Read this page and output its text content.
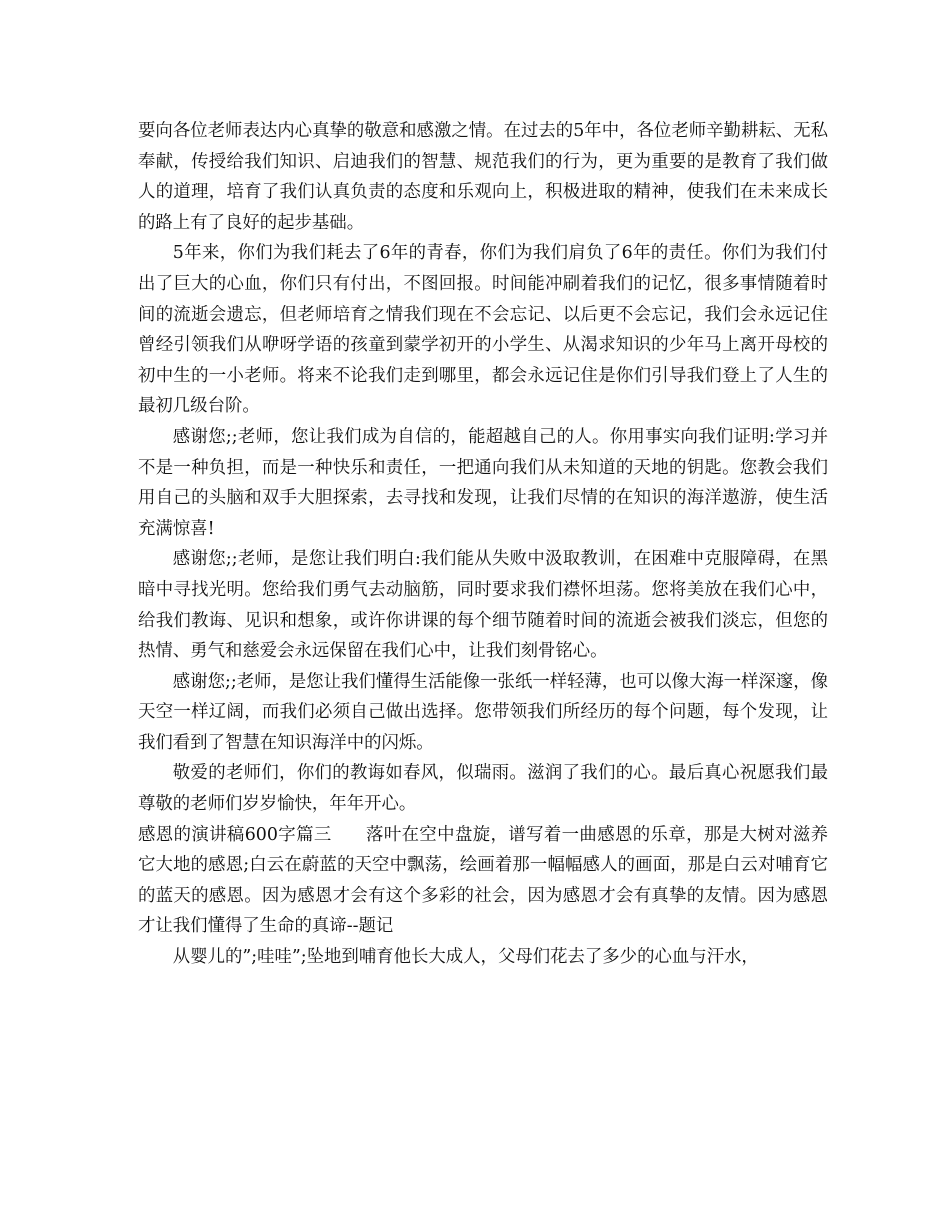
要向各位老师表达内心真挚的敬意和感激之情。在过去的5年中，各位老师辛勤耕耘、无私奉献，传授给我们知识、启迪我们的智慧、规范我们的行为，更为重要的是教育了我们做人的道理，培育了我们认真负责的态度和乐观向上，积极进取的精神，使我们在未来成长的路上有了良好的起步基础。

5年来，你们为我们耗去了6年的青春，你们为我们肩负了6年的责任。你们为我们付出了巨大的心血，你们只有付出，不图回报。时间能冲刷着我们的记忆，很多事情随着时间的流逝会遗忘，但老师培育之情我们现在不会忘记、以后更不会忘记，我们会永远记住曾经引领我们从咿呀学语的孩童到蒙学初开的小学生、从渴求知识的少年马上离开母校的初中生的一小老师。将来不论我们走到哪里，都会永远记住是你们引导我们登上了人生的最初几级台阶。

感谢您;;老师，您让我们成为自信的，能超越自己的人。你用事实向我们证明:学习并不是一种负担，而是一种快乐和责任，一把通向我们从未知道的天地的钥匙。您教会我们用自己的头脑和双手大胆探索，去寻找和发现，让我们尽情的在知识的海洋遨游，使生活充满惊喜!

感谢您;;老师，是您让我们明白:我们能从失败中汲取教训，在困难中克服障碍，在黑暗中寻找光明。您给我们勇气去动脑筋，同时要求我们襟怀坦荡。您将美放在我们心中，给我们教诲、见识和想象，或许你讲课的每个细节随着时间的流逝会被我们淡忘，但您的热情、勇气和慈爱会永远保留在我们心中，让我们刻骨铭心。

感谢您;;老师，是您让我们懂得生活能像一张纸一样轻薄，也可以像大海一样深邃，像天空一样辽阔，而我们必须自己做出选择。您带领我们所经历的每个问题，每个发现，让我们看到了智慧在知识海洋中的闪烁。

敬爱的老师们，你们的教诲如春风，似瑞雨。滋润了我们的心。最后真心祝愿我们最尊敬的老师们岁岁愉快，年年开心。

感恩的演讲稿600字篇三 落叶在空中盘旋，谱写着一曲感恩的乐章，那是大树对滋养它大地的感恩;白云在蔚蓝的天空中飘荡，绘画着那一幅幅感人的画面，那是白云对哺育它的蓝天的感恩。因为感恩才会有这个多彩的社会，因为感恩才会有真挚的友情。因为感恩才让我们懂得了生命的真谛--题记

从婴儿的”;哇哇”;坠地到哺育他长大成人，父母们花去了多少的心血与汗水，
